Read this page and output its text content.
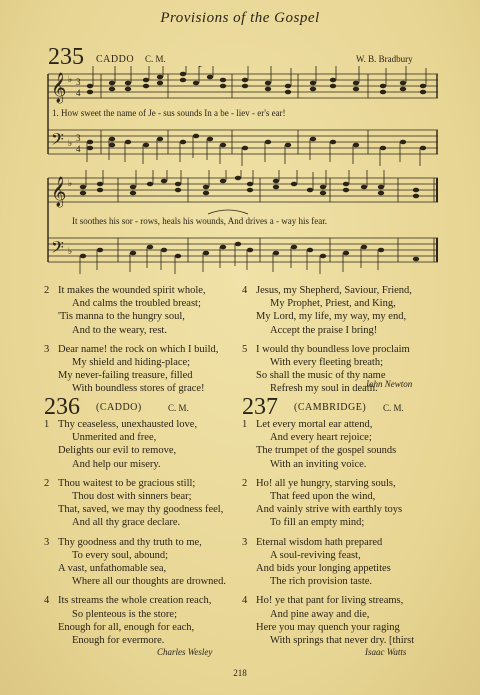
Provisions of the Gospel
235 CADDO C. M.	W. B. Bradbury
𝄞
𝄢
♭
♭
3
4
3
4
1. How sweet the name of Je - sus sounds In a be - liev - er's ear!
𝄞
𝄢
♭
♭
It soothes his sor - rows, heals his wounds, And drives a - way his fear.
2 It makes the wounded spirit whole,
And calms the troubled breast;
'Tis manna to the hungry soul,
And to the weary, rest.
3 Dear name! the rock on which I build,
My shield and hiding-place;
My never-failing treasure, filled
With boundless stores of grace!
4 Jesus, my Shepherd, Saviour, Friend,
My Prophet, Priest, and King,
My Lord, my life, my way, my end,
Accept the praise I bring!
5 I would thy boundless love proclaim
With every fleeting breath;
So shall the music of thy name
Refresh my soul in death.
John Newton
236 (CADDO)	C. M.
1 Thy ceaseless, unexhausted love,
Unmerited and free,
Delights our evil to remove,
And help our misery.
2 Thou waitest to be gracious still;
Thou dost with sinners bear;
That, saved, we may thy goodness feel,
And all thy grace declare.
3 Thy goodness and thy truth to me,
To every soul, abound;
A vast, unfathomable sea,
Where all our thoughts are drowned.
4 Its streams the whole creation reach,
So plenteous is the store;
Enough for all, enough for each,
Enough for evermore.
Charles Wesley
237 (CAMBRIDGE) C. M.
1 Let every mortal ear attend,
And every heart rejoice;
The trumpet of the gospel sounds
With an inviting voice.
2 Ho! all ye hungry, starving souls,
That feed upon the wind,
And vainly strive with earthly toys
To fill an empty mind;
3 Eternal wisdom hath prepared
A soul-reviving feast,
And bids your longing appetites
The rich provision taste.
4 Ho! ye that pant for living streams,
And pine away and die,
Here you may quench your raging
With springs that never dry. [thirst
Isaac Watts
218
